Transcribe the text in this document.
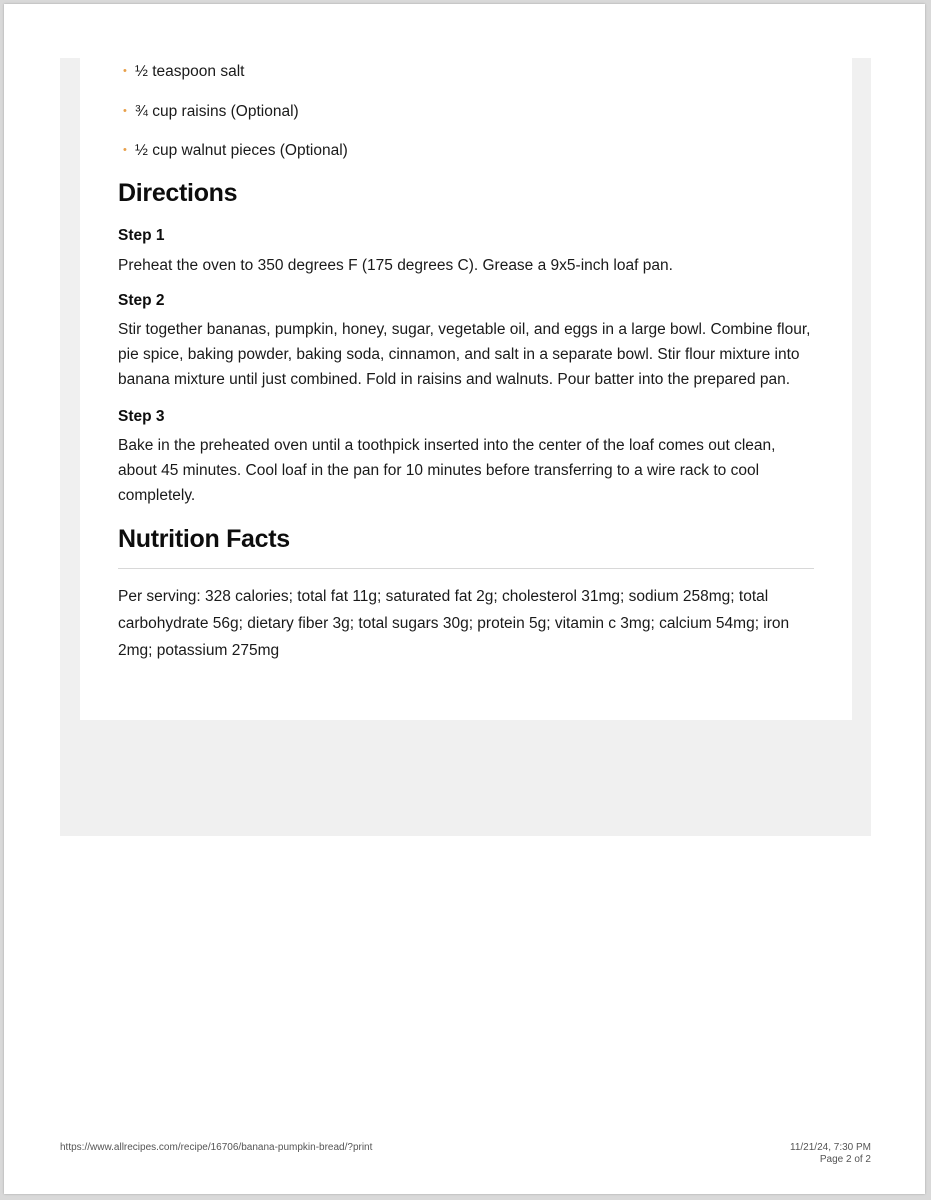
• ½ teaspoon salt
• ¾ cup raisins (Optional)
• ½ cup walnut pieces (Optional)
Directions
Step 1

Preheat the oven to 350 degrees F (175 degrees C). Grease a 9x5-inch loaf pan.

Step 2

Stir together bananas, pumpkin, honey, sugar, vegetable oil, and eggs in a large bowl. Combine flour, pie spice, baking powder, baking soda, cinnamon, and salt in a separate bowl. Stir flour mixture into banana mixture until just combined. Fold in raisins and walnuts. Pour batter into the prepared pan.

Step 3

Bake in the preheated oven until a toothpick inserted into the center of the loaf comes out clean, about 45 minutes. Cool loaf in the pan for 10 minutes before transferring to a wire rack to cool completely.

Nutrition Facts
Per serving: 328 calories; total fat 11g; saturated fat 2g; cholesterol 31mg; sodium 258mg; total carbohydrate 56g; dietary fiber 3g; total sugars 30g; protein 5g; vitamin c 3mg; calcium 54mg; iron 2mg; potassium 275mg
https://www.allrecipes.com/recipe/16706/banana-pumpkin-bread/?print	11/21/24, 7:30 PM
Page 2 of 2
